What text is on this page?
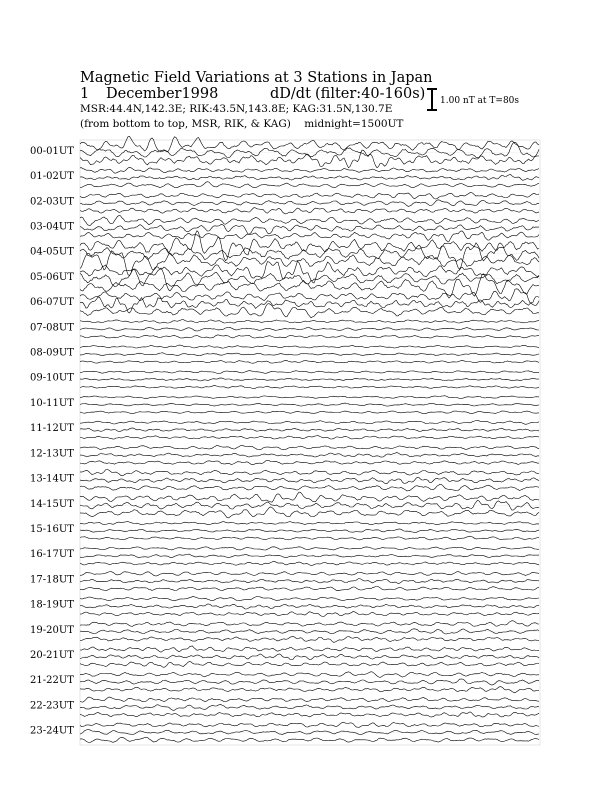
Magnetic Field Variations at 3 Stations in Japan
1 December1998	dD/dt (filter:40-160s)
MSR:44.4N,142.3E; RIK:43.5N,143.8E; KAG:31.5N,130.7E
(from bottom to top, MSR, RIK, & KAG) midnight=1500UT
1.00 nT at T=80s
00-01UT
01-02UT
02-03UT
03-04UT
04-05UT
05-06UT
06-07UT
07-08UT
08-09UT
09-10UT
10-11UT
11-12UT
12-13UT
13-14UT
14-15UT
15-16UT
16-17UT
17-18UT
18-19UT
19-20UT
20-21UT
21-22UT
22-23UT
23-24UT
